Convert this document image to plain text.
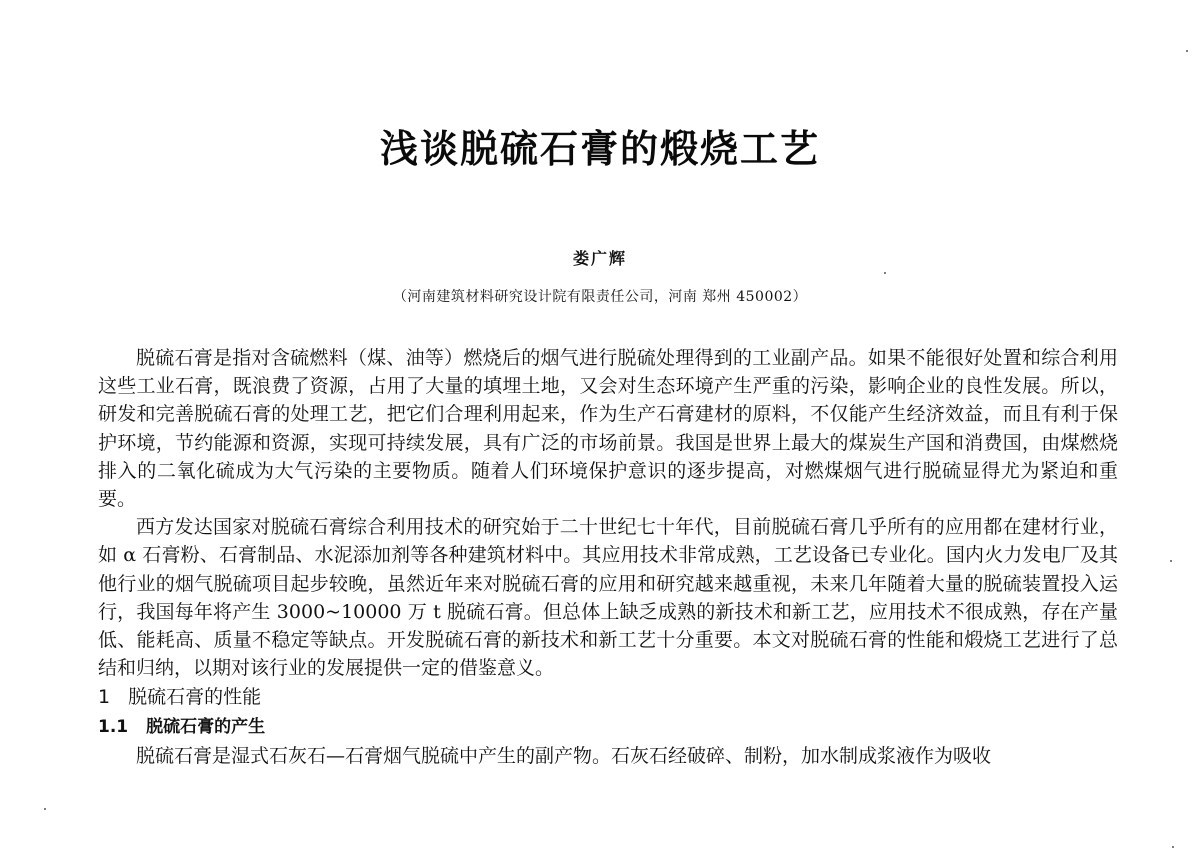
浅谈脱硫石膏的煅烧工艺
娄广辉
（河南建筑材料研究设计院有限责任公司，河南 郑州 450002）

脱硫石膏是指对含硫燃料（煤、油等）燃烧后的烟气进行脱硫处理得到的工业副产品。如果不能很好处置和综合利用这些工业石膏，既浪费了资源，占用了大量的填埋土地，又会对生态环境产生严重的污染，影响企业的良性发展。所以，研发和完善脱硫石膏的处理工艺，把它们合理利用起来，作为生产石膏建材的原料，不仅能产生经济效益，而且有利于保护环境，节约能源和资源，实现可持续发展，具有广泛的市场前景。我国是世界上最大的煤炭生产国和消费国，由煤燃烧排入的二氧化硫成为大气污染的主要物质。随着人们环境保护意识的逐步提高，对燃煤烟气进行脱硫显得尤为紧迫和重要。

西方发达国家对脱硫石膏综合利用技术的研究始于二十世纪七十年代，目前脱硫石膏几乎所有的应用都在建材行业，如 α 石膏粉、石膏制品、水泥添加剂等各种建筑材料中。其应用技术非常成熟，工艺设备已专业化。国内火力发电厂及其他行业的烟气脱硫项目起步较晚，虽然近年来对脱硫石膏的应用和研究越来越重视，未来几年随着大量的脱硫装置投入运行，我国每年将产生 3000~10000 万 t 脱硫石膏。但总体上缺乏成熟的新技术和新工艺，应用技术不很成熟，存在产量低、能耗高、质量不稳定等缺点。开发脱硫石膏的新技术和新工艺十分重要。本文对脱硫石膏的性能和煅烧工艺进行了总结和归纳，以期对该行业的发展提供一定的借鉴意义。

1 脱硫石膏的性能
1.1 脱硫石膏的产生

脱硫石膏是湿式石灰石—石膏烟气脱硫中产生的副产物。石灰石经破碎、制粉，加水制成浆液作为吸收
